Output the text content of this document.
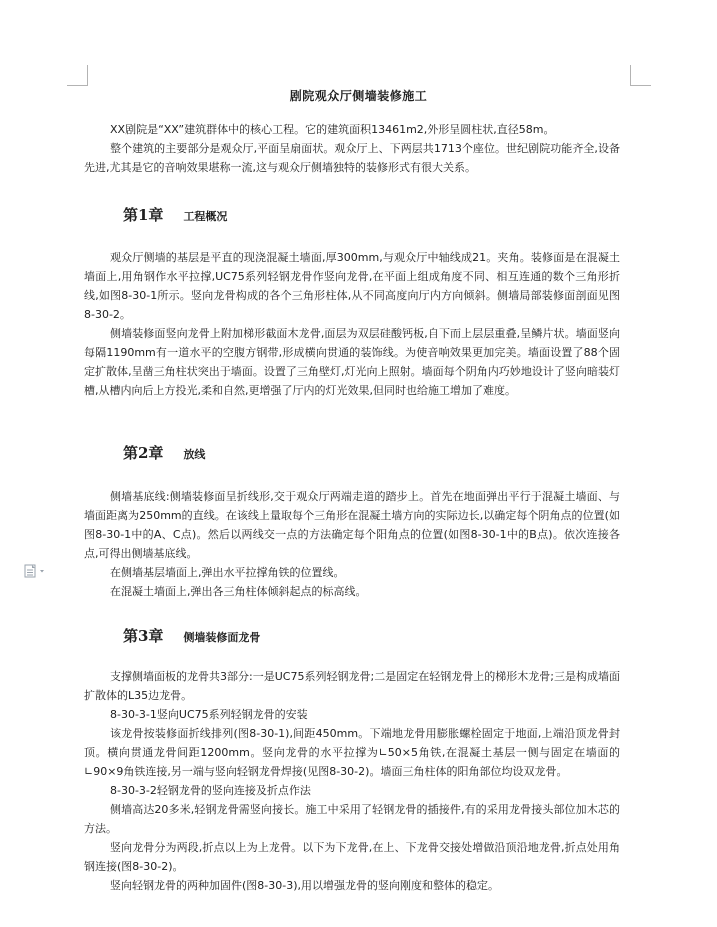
剧院观众厅侧墙装修施工

XX剧院是“XX”建筑群体中的核心工程。它的建筑面积13461m2,外形呈圆柱状,直径58m。

整个建筑的主要部分是观众厅,平面呈扇面状。观众厅上、下两层共1713个座位。世纪剧院功能齐全,设备先进,尤其是它的音响效果堪称一流,这与观众厅侧墙独特的装修形式有很大关系。

第1章 工程概况

观众厅侧墙的基层是平直的现浇混凝土墙面,厚300mm,与观众厅中轴线成21。夹角。装修面是在混凝土墙面上,用角钢作水平拉撑,UC75系列轻钢龙骨作竖向龙骨,在平面上组成角度不同、相互连通的数个三角形折线,如图8-30-1所示。竖向龙骨构成的各个三角形柱体,从不同高度向厅内方向倾斜。侧墙局部装修面剖面见图8-30-2。

侧墙装修面竖向龙骨上附加梯形截面木龙骨,面层为双层硅酸钙板,自下而上层层重叠,呈鳞片状。墙面竖向每隔1190mm有一道水平的空腹方钢带,形成横向贯通的装饰线。为使音响效果更加完美。墙面设置了88个固定扩散体,呈凿三角柱状突出于墙面。设置了三角壁灯,灯光向上照射。墙面每个阴角内巧妙地设计了竖向暗装灯槽,从槽内向后上方投光,柔和自然,更增强了厅内的灯光效果,但同时也给施工增加了难度。

第2章 放线

侧墙基底线:侧墙装修面呈折线形,交于观众厅两端走道的踏步上。首先在地面弹出平行于混凝土墙面、与墙面距离为250mm的直线。在该线上量取每个三角形在混凝土墙方向的实际边长,以确定每个阴角点的位置(如图8-30-1中的A、C点)。然后以两线交一点的方法确定每个阳角点的位置(如图8-30-1中的B点)。依次连接各点,可得出侧墙基底线。

在侧墙基层墙面上,弹出水平拉撑角铁的位置线。

在混凝土墙面上,弹出各三角柱体倾斜起点的标高线。

第3章 侧墙装修面龙骨

支撑侧墙面板的龙骨共3部分:一是UC75系列轻钢龙骨;二是固定在轻钢龙骨上的梯形木龙骨;三是构成墙面扩散体的L35边龙骨。

8-30-3-1竖向UC75系列轻钢龙骨的安装

该龙骨按装修面折线排列(图8-30-1),间距450mm。下端地龙骨用膨胀螺栓固定于地面,上端沿顶龙骨封顶。横向贯通龙骨间距1200mm。竖向龙骨的水平拉撑为∟50×5角铁,在混凝土基层一侧与固定在墙面的∟90×9角铁连接,另一端与竖向轻钢龙骨焊接(见图8-30-2)。墙面三角柱体的阳角部位均设双龙骨。

8-30-3-2轻钢龙骨的竖向连接及折点作法

侧墙高达20多米,轻钢龙骨需竖向接长。施工中采用了轻钢龙骨的插接件,有的采用龙骨接头部位加木芯的方法。

竖向龙骨分为两段,折点以上为上龙骨。以下为下龙骨,在上、下龙骨交接处增做沿顶沿地龙骨,折点处用角钢连接(图8-30-2)。

竖向轻钢龙骨的两种加固件(图8-30-3),用以增强龙骨的竖向刚度和整体的稳定。
